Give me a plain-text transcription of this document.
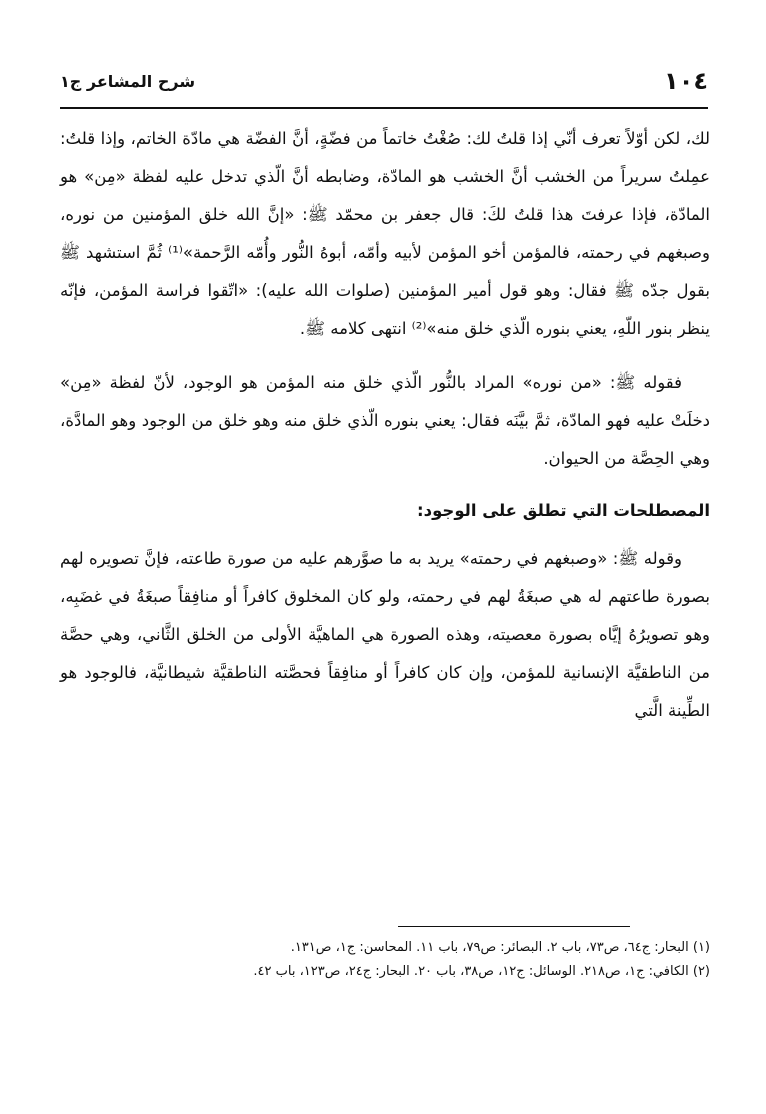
١٠٤
شرح المشاعر ج١

لك، لكن أوّلاً تعرف أنّي إذا قلتُ لك: صُغْتُ خاتماً من فضّةٍ، أنَّ الفضّة هي مادّة الخاتم، وإذا قلتُ: عمِلتُ سريراً من الخشب أنَّ الخشب هو المادّة، وضابطه أنَّ الّذي تدخل عليه لفظة «مِن» هو المادّة، فإذا عرفتَ هذا قلتُ لكَ: قال جعفر بن محمّد ﷺ: «إنَّ الله خلق المؤمنين من نوره، وصبغهم في رحمته، فالمؤمن أخو المؤمن لأبيه وأمّه، أبوهُ النُّور وأُمّه الرَّحمة»⁽¹⁾ ثُمَّ استشهد ﷺ بقول جدّه ﷺ فقال: وهو قول أمير المؤمنين (صلوات الله عليه): «اتّقوا فراسة المؤمن، فإنّه ينظر بنور اللّهِ، يعني بنوره الّذي خلق منه»⁽²⁾ انتهى كلامه ﷺ.

فقوله ﷺ: «من نوره» المراد بالنُّور الّذي خلق منه المؤمن هو الوجود، لأنّ لفظة «مِن» دخلَتْ عليه فهو المادّة، ثمَّ بيَّنَه فقال: يعني بنوره الّذي خلق منه وهو خلق من الوجود وهو المادَّة، وهي الحِصَّة من الحيوان.

المصطلحات التي تطلق على الوجود:

وقوله ﷺ: «وصبغهم في رحمته» يريد به ما صوَّرهم عليه من صورة طاعته، فإنَّ تصويره لهم بصورة طاعتهم له هي صبغَةُ لهم في رحمته، ولو كان المخلوق كافراً أو منافِقاً صبغَةُ في غضَبِه، وهو تصويرُهُ إيَّاه بصورة معصيته، وهذه الصورة هي الماهيَّة الأولى من الخلق الثَّاني، وهي حصَّة من الناطقيَّة الإنسانية للمؤمن، وإن كان كافراً أو منافِقاً فحصَّته الناطقيَّة شيطانيَّة، فالوجود هو الطِّينة الَّتي

(١) البحار: ج٦٤، ص٧٣، باب ٢. البصائر: ص٧٩، باب ١١. المحاسن: ج١، ص١٣١.

(٢) الكافي: ج١، ص٢١٨. الوسائل: ج١٢، ص٣٨، باب ٢٠. البحار: ج٢٤، ص١٢٣، باب ٤٢.
